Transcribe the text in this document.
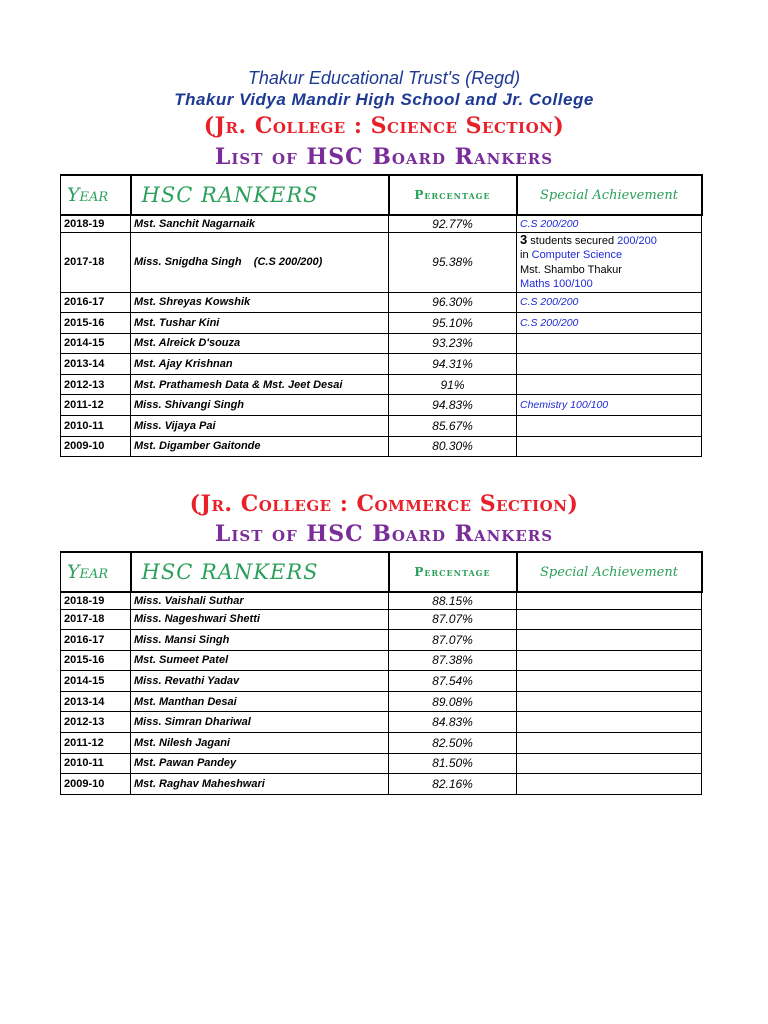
Thakur Educational Trust's (Regd)
Thakur Vidya Mandir High School and Jr. College
(Jr. College : Science Section)
List of HSC Board Rankers
Year	HSC RANKERS	Percentage	Special Achievement
2018-19	Mst. Sanchit Nagarnaik	92.77%	C.S 200/200
2017-18	Miss. Snigdha Singh    (C.S 200/200)	95.38%	3 students secured 200/200
in Computer Science
Mst. Shambo Thakur
Maths 100/100

2016-17	Mst. Shreyas Kowshik	96.30%	C.S 200/200
2015-16	Mst. Tushar Kini	95.10%	C.S 200/200
2014-15	Mst. Alreick D'souza	93.23%	
2013-14	Mst. Ajay Krishnan	94.31%	
2012-13	Mst. Prathamesh Data & Mst. Jeet Desai	91%	
2011-12	Miss. Shivangi Singh	94.83%	Chemistry 100/100
2010-11	Miss. Vijaya Pai	85.67%	
2009-10	Mst. Digamber Gaitonde	80.30%	
(Jr. College : Commerce Section)
List of HSC Board Rankers
Year	HSC RANKERS	Percentage	Special Achievement
2018-19	Miss. Vaishali Suthar	88.15%	
2017-18	Miss. Nageshwari Shetti	87.07%	
2016-17	Miss. Mansi Singh	87.07%	
2015-16	Mst. Sumeet Patel	87.38%	
2014-15	Miss. Revathi Yadav	87.54%	
2013-14	Mst. Manthan Desai	89.08%	
2012-13	Miss. Simran Dhariwal	84.83%	
2011-12	Mst. Nilesh Jagani	82.50%	
2010-11	Mst. Pawan Pandey	81.50%	
2009-10	Mst. Raghav Maheshwari	82.16%	
